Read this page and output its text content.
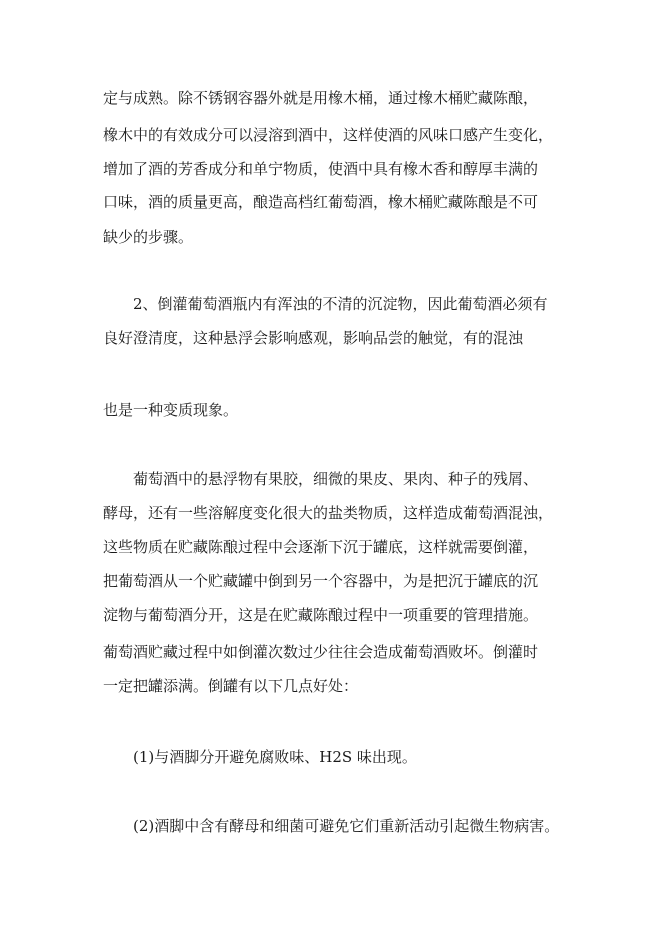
定与成熟。除不锈钢容器外就是用橡木桶，通过橡木桶贮藏陈酿，
橡木中的有效成分可以浸溶到酒中，这样使酒的风味口感产生变化，
增加了酒的芳香成分和单宁物质，使酒中具有橡木香和醇厚丰满的
口味，酒的质量更高，酿造高档红葡萄酒，橡木桶贮藏陈酿是不可
缺少的步骤。
2、倒灌葡萄酒瓶内有浑浊的不清的沉淀物，因此葡萄酒必须有
良好澄清度，这种悬浮会影响感观，影响品尝的触觉，有的混浊
也是一种变质现象。
葡萄酒中的悬浮物有果胶，细微的果皮、果肉、种子的残屑、
酵母，还有一些溶解度变化很大的盐类物质，这样造成葡萄酒混浊，
这些物质在贮藏陈酿过程中会逐渐下沉于罐底，这样就需要倒灌，
把葡萄酒从一个贮藏罐中倒到另一个容器中，为是把沉于罐底的沉
淀物与葡萄酒分开，这是在贮藏陈酿过程中一项重要的管理措施。
葡萄酒贮藏过程中如倒灌次数过少往往会造成葡萄酒败坏。倒灌时
一定把罐添满。倒罐有以下几点好处：
(1)与酒脚分开避免腐败味、H2S 味出现。
(2)酒脚中含有酵母和细菌可避免它们重新活动引起微生物病害。
